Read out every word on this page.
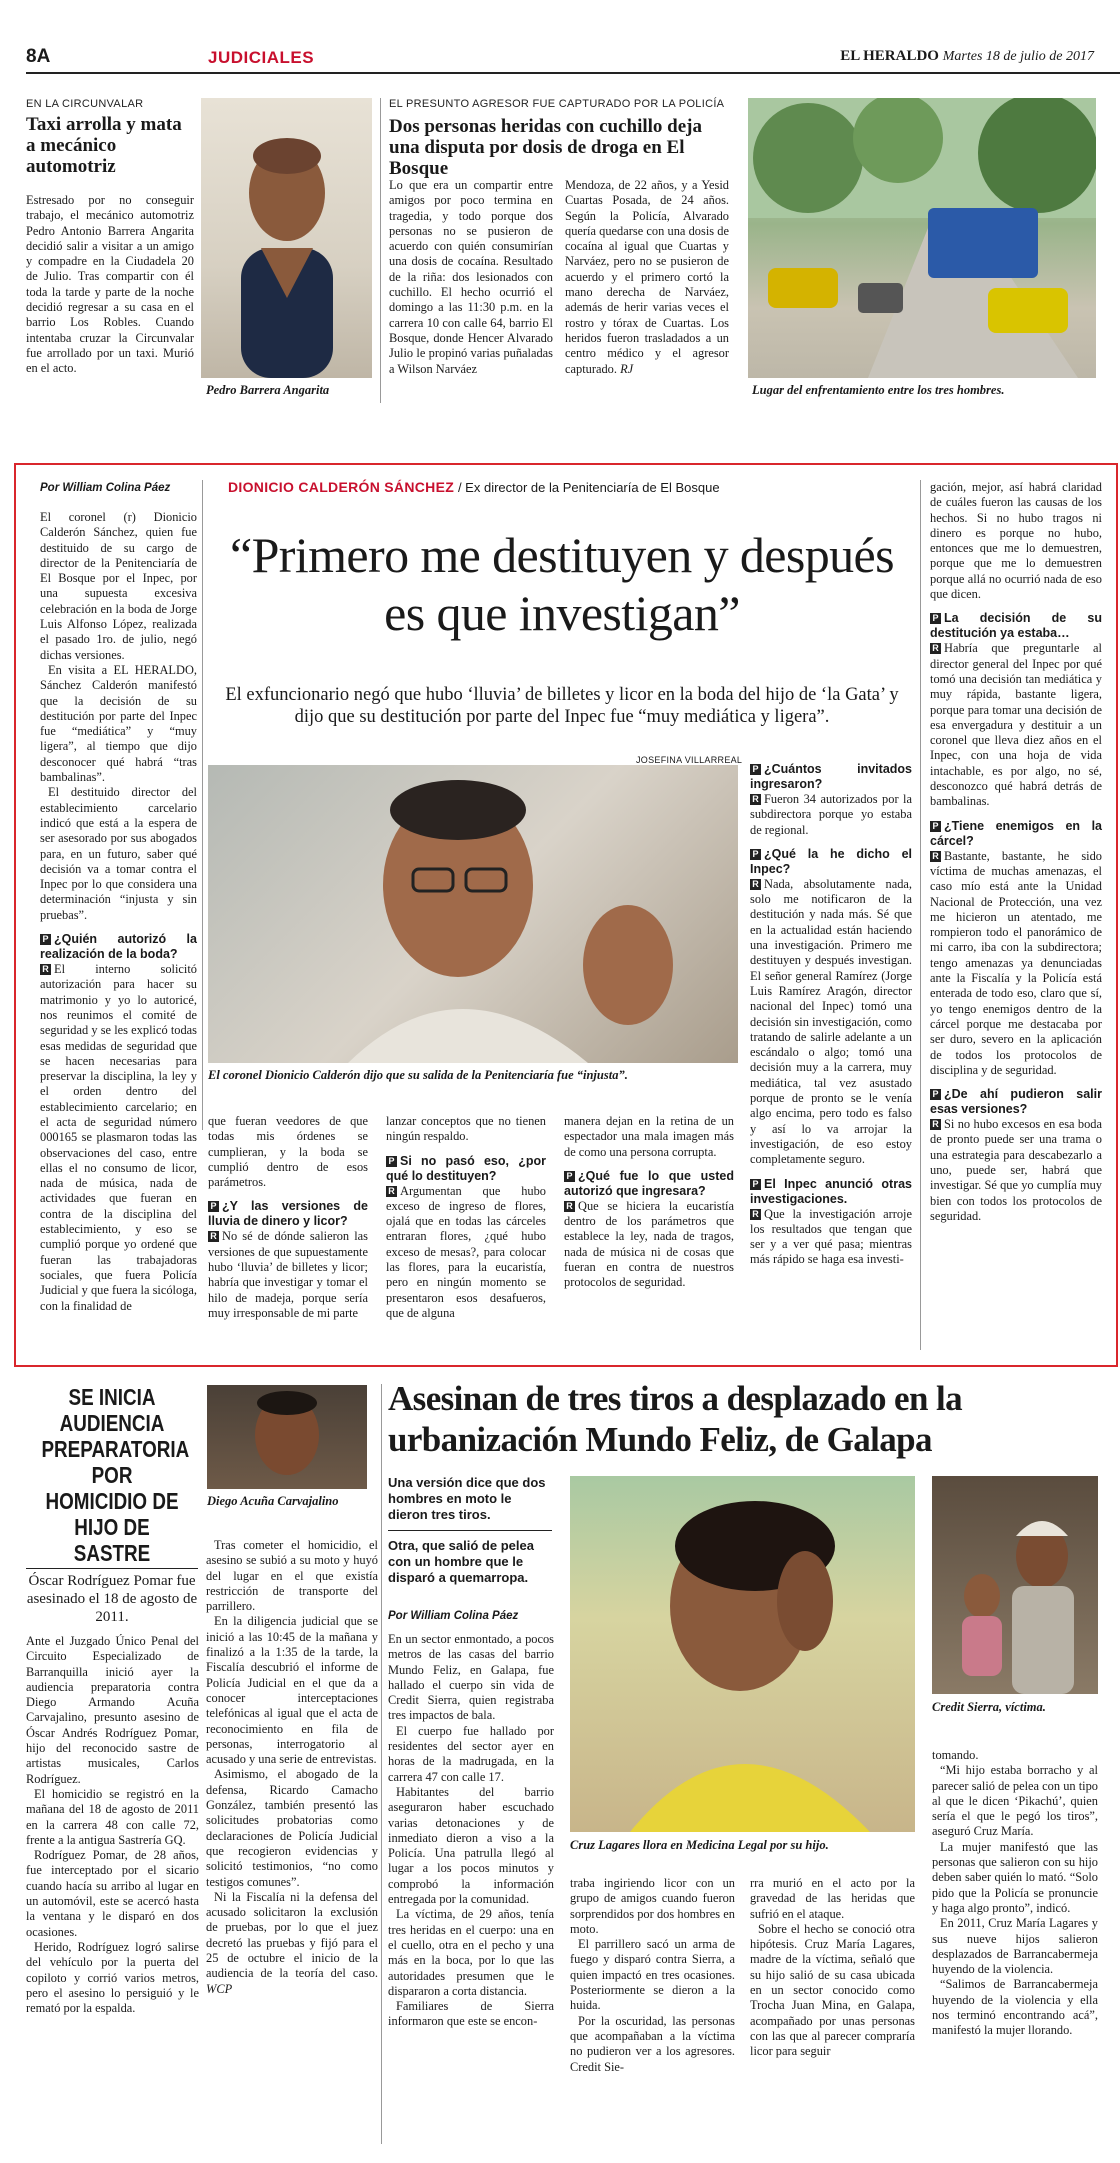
8A	JUDICIALES	EL HERALDO Martes 18 de julio de 2017
EN LA CIRCUNVALAR
Taxi arrolla y mata a mecánico automotriz
Estresado por no conseguir trabajo, el mecánico automotriz Pedro Antonio Barrera Angarita decidió salir a visitar a un amigo y compadre en la Ciudadela 20 de Julio. Tras compartir con él toda la tarde y parte de la noche decidió regresar a su casa en el barrio Los Robles. Cuando intentaba cruzar la Circunvalar fue arrollado por un taxi. Murió en el acto.
Pedro Barrera Angarita
EL PRESUNTO AGRESOR FUE CAPTURADO POR LA POLICÍA
Dos personas heridas con cuchillo deja una disputa por dosis de droga en El Bosque
Lo que era un compartir entre amigos por poco termina en tragedia, y todo porque dos personas no se pusieron de acuerdo con quién consumirían una dosis de cocaína. Resultado de la riña: dos lesionados con cuchillo. El hecho ocurrió el domingo a las 11:30 p.m. en la carrera 10 con calle 64, barrio El Bosque, donde Hencer Alvarado Julio le propinó varias puñaladas a Wilson Narváez
Mendoza, de 22 años, y a Yesid Cuartas Posada, de 24 años. Según la Policía, Alvarado quería quedarse con una dosis de cocaína al igual que Cuartas y Narváez, pero no se pusieron de acuerdo y el primero cortó la mano derecha de Narváez, además de herir varias veces el rostro y tórax de Cuartas. Los heridos fueron trasladados a un centro médico y el agresor capturado. RJ
Lugar del enfrentamiento entre los tres hombres.
Por William Colina Páez	DIONICIO CALDERÓN SÁNCHEZ / Ex director de la Penitenciaría de El Bosque
“Primero me destituyen y después es que investigan”
El exfuncionario negó que hubo ‘lluvia’ de billetes y licor en la boda del hijo de ‘la Gata’ y dijo que su destitución por parte del Inpec fue “muy mediática y ligera”.
JOSEFINA VILLARREAL
El coronel Dionicio Calderón dijo que su salida de la Penitenciaría fue “injusta”.

El coronel (r) Dionicio Calderón Sánchez, quien fue destituido de su cargo de director de la Penitenciaría de El Bosque por el Inpec, por una supuesta excesiva celebración en la boda de Jorge Luis Alfonso López, realizada el pasado 1ro. de julio, negó dichas versiones.

En visita a EL HERALDO, Sánchez Calderón manifestó que la decisión de su destitución por parte del Inpec fue “mediática” y “muy ligera”, al tiempo que dijo desconocer qué habrá “tras bambalinas”.

El destituido director del establecimiento carcelario indicó que está a la espera de ser asesorado por sus abogados para, en un futuro, saber qué decisión va a tomar contra el Inpec por lo que considera una determinación “injusta y sin pruebas”.

P ¿Quién autorizó la realización de la boda?

R El interno solicitó autorización para hacer su matrimonio y yo lo autoricé, nos reunimos el comité de seguridad y se les explicó todas esas medidas de seguridad que se hacen necesarias para preservar la disciplina, la ley y el orden dentro del establecimiento carcelario; en el acta de seguridad número 000165 se plasmaron todas las observaciones del caso, entre ellas el no consumo de licor, nada de música, nada de actividades que fueran en contra de la disciplina del establecimiento, y eso se cumplió porque yo ordené que fueran las trabajadoras sociales, que fuera Policía Judicial y que fuera la sicóloga, con la finalidad de

que fueran veedores de que todas mis órdenes se cumplieran, y la boda se cumplió dentro de esos parámetros.

P ¿Y las versiones de lluvia de dinero y licor?

R No sé de dónde salieron las versiones de que supuestamente hubo ‘lluvia’ de billetes y licor; habría que investigar y tomar el hilo de madeja, porque sería muy irresponsable de mi parte

lanzar conceptos que no tienen ningún respaldo.

P Si no pasó eso, ¿por qué lo destituyen?

R Argumentan que hubo exceso de ingreso de flores, ojalá que en todas las cárceles entraran flores, ¿qué hubo exceso de mesas?, para colocar las flores, para la eucaristía, pero en ningún momento se presentaron esos desafueros, que de alguna

manera dejan en la retina de un espectador una mala imagen más de como una persona corrupta.

P ¿Qué fue lo que usted autorizó que ingresara?

R Que se hiciera la eucaristía dentro de los parámetros que establece la ley, nada de tragos, nada de música ni de cosas que fueran en contra de nuestros protocolos de seguridad.

P ¿Cuántos invitados ingresaron?

R Fueron 34 autorizados por la subdirectora porque yo estaba de regional.

P ¿Qué la he dicho el Inpec?

R Nada, absolutamente nada, solo me notificaron de la destitución y nada más. Sé que en la actualidad están haciendo una investigación. Primero me destituyen y después investigan. El señor general Ramírez (Jorge Luis Ramírez Aragón, director nacional del Inpec) tomó una decisión sin investigación, como tratando de salirle adelante a un escándalo o algo; tomó una decisión muy a la carrera, muy mediática, tal vez asustado porque de pronto se le venía algo encima, pero todo es falso y así lo va arrojar la investigación, de eso estoy completamente seguro.

P El Inpec anunció otras investigaciones.

R Que la investigación arroje los resultados que tengan que ser y a ver qué pasa; mientras más rápido se haga esa investi-

gación, mejor, así habrá claridad de cuáles fueron las causas de los hechos. Si no hubo tragos ni dinero es porque no hubo, entonces que me lo demuestren, porque que me lo demuestren porque allá no ocurrió nada de eso que dicen.

P La decisión de su destitución ya estaba…

R Habría que preguntarle al director general del Inpec por qué tomó una decisión tan mediática y muy rápida, bastante ligera, porque para tomar una decisión de esa envergadura y destituir a un coronel que lleva diez años en el Inpec, con una hoja de vida intachable, es por algo, no sé, desconozco qué habrá detrás de bambalinas.

P ¿Tiene enemigos en la cárcel?

R Bastante, bastante, he sido víctima de muchas amenazas, el caso mío está ante la Unidad Nacional de Protección, una vez me hicieron un atentado, me rompieron todo el panorámico de mi carro, iba con la subdirectora; tengo amenazas ya denunciadas ante la Fiscalía y la Policía está enterada de todo eso, claro que sí, yo tengo enemigos dentro de la cárcel porque me destacaba por ser duro, severo en la aplicación de todos los protocolos de disciplina y de seguridad.

P ¿De ahí pudieron salir esas versiones?

R Si no hubo excesos en esa boda de pronto puede ser una trama o una estrategia para descabezarlo a uno, puede ser, habrá que investigar. Sé que yo cumplía muy bien con todos los protocolos de seguridad.

SE INICIA AUDIENCIA PREPARATORIA POR HOMICIDIO DE HIJO DE SASTRE
Óscar Rodríguez Pomar fue asesinado el 18 de agosto de 2011.
Diego Acuña Carvajalino

Ante el Juzgado Único Penal del Circuito Especializado de Barranquilla inició ayer la audiencia preparatoria contra Diego Armando Acuña Carvajalino, presunto asesino de Óscar Andrés Rodríguez Pomar, hijo del reconocido sastre de artistas musicales, Carlos Rodríguez.

El homicidio se registró en la mañana del 18 de agosto de 2011 en la carrera 48 con calle 72, frente a la antigua Sastrería GQ.

Rodríguez Pomar, de 28 años, fue interceptado por el sicario cuando hacía su arribo al lugar en un automóvil, este se acercó hasta la ventana y le disparó en dos ocasiones.

Herido, Rodríguez logró salirse del vehículo por la puerta del copiloto y corrió varios metros, pero el asesino lo persiguió y le remató por la espalda.

Tras cometer el homicidio, el asesino se subió a su moto y huyó del lugar en el que existía restricción de transporte del parrillero.

En la diligencia judicial que se inició a las 10:45 de la mañana y finalizó a la 1:35 de la tarde, la Fiscalía descubrió el informe de Policía Judicial en el que da a conocer interceptaciones telefónicas al igual que el acta de reconocimiento en fila de personas, interrogatorio al acusado y una serie de entrevistas.

Asimismo, el abogado de la defensa, Ricardo Camacho González, también presentó las solicitudes probatorias como declaraciones de Policía Judicial que recogieron evidencias y solicitó testimonios, “no como testigos comunes”.

Ni la Fiscalía ni la defensa del acusado solicitaron la exclusión de pruebas, por lo que el juez decretó las pruebas y fijó para el 25 de octubre el inicio de la audiencia de la teoría del caso. WCP

Asesinan de tres tiros a desplazado en la urbanización Mundo Feliz, de Galapa
Una versión dice que dos hombres en moto le dieron tres tiros.
Otra, que salió de pelea con un hombre que le disparó a quemarropa.
Por William Colina Páez

En un sector enmontado, a pocos metros de las casas del barrio Mundo Feliz, en Galapa, fue hallado el cuerpo sin vida de Credit Sierra, quien registraba tres impactos de bala.

El cuerpo fue hallado por residentes del sector ayer en horas de la madrugada, en la carrera 47 con calle 17.

Habitantes del barrio aseguraron haber escuchado varias detonaciones y de inmediato dieron a viso a la Policía. Una patrulla llegó al lugar a los pocos minutos y comprobó la información entregada por la comunidad.

La víctima, de 29 años, tenía tres heridas en el cuerpo: una en el cuello, otra en el pecho y una más en la boca, por lo que las autoridades presumen que le dispararon a corta distancia.

Familiares de Sierra informaron que este se encon-

Cruz Lagares llora en Medicina Legal por su hijo.
Credit Sierra, víctima.

traba ingiriendo licor con un grupo de amigos cuando fueron sorprendidos por dos hombres en moto.

El parrillero sacó un arma de fuego y disparó contra Sierra, a quien impactó en tres ocasiones. Posteriormente se dieron a la huida.

Por la oscuridad, las personas que acompañaban a la víctima no pudieron ver a los agresores. Credit Sie-

rra murió en el acto por la gravedad de las heridas que sufrió en el ataque.

Sobre el hecho se conoció otra hipótesis. Cruz María Lagares, madre de la víctima, señaló que su hijo salió de su casa ubicada en un sector conocido como Trocha Juan Mina, en Galapa, acompañado por unas personas con las que al parecer compraría licor para seguir

tomando.

“Mi hijo estaba borracho y al parecer salió de pelea con un tipo al que le dicen ‘Pikachú’, quien sería el que le pegó los tiros”, aseguró Cruz María.

La mujer manifestó que las personas que salieron con su hijo deben saber quién lo mató. “Solo pido que la Policía se pronuncie y haga algo pronto”, indicó.

En 2011, Cruz María Lagares y sus nueve hijos salieron desplazados de Barrancabermeja huyendo de la violencia.

“Salimos de Barrancabermeja huyendo de la violencia y ella nos terminó encontrando acá”, manifestó la mujer llorando.
